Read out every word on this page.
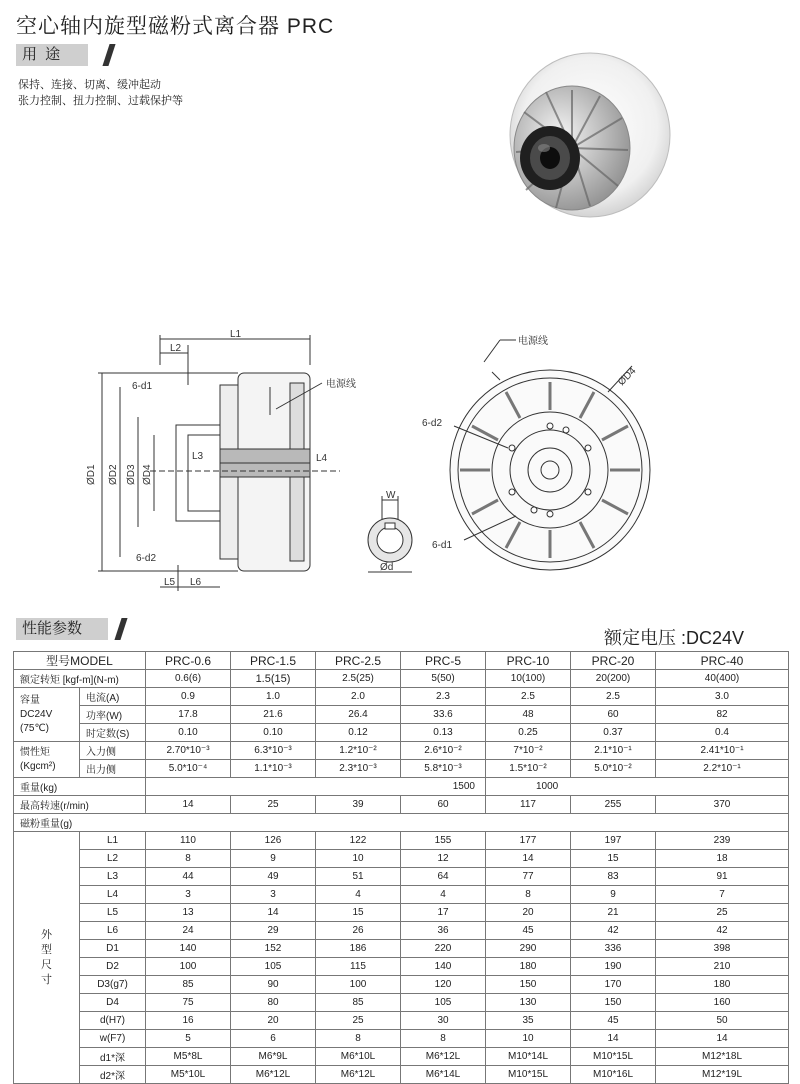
空心轴内旋型磁粉式离合器 PRC
用 途
保持、连接、切离、缓冲起动
张力控制、扭力控制、过载保护等
L1
L2
L3	L4
L5 L6
ØD1 ØD2 ØD3 ØD4
6-d1
6-d2
电源线
电源线
ØD4
6-d2
6-d1
W
Ød
性能参数	额定电压 :DC24V
型号MODEL		PRC-0.6	PRC-1.5	PRC-2.5	PRC-5	PRC-10	PRC-20	PRC-40
额定转矩 [kgf-m](N-m)		0.6(6)	1.5(15)	2.5(25)	5(50)	10(100)	20(200)	40(400)

容量
DC24V
(75℃)	电流(A)	0.9	1.0	2.0	2.3	2.5	2.5	3.0
	功率(W)	17.8	21.6	26.4	33.6	48	60	82
	时定数(S)	0.10	0.10	0.12	0.13	0.25	0.37	0.4

惯性矩
(Kgcm²)	入力侧	2.70*10⁻³	6.3*10⁻³	1.2*10⁻²	2.6*10⁻²	7*10⁻²	2.1*10⁻¹	2.41*10⁻¹
	出力侧	5.0*10⁻⁴	1.1*10⁻³	2.3*10⁻³	5.8*10⁻³	1.5*10⁻²	5.0*10⁻²	2.2*10⁻¹
重量(kg)		1500				1000		
最高转速(r/min)		14	25	39	60	117	255	370
磁粉重量(g)								
外型尺寸	L1	110	126	122	155	177	197	239
	L2	8	9	10	12	14	15	18
	L3	44	49	51	64	77	83	91
	L4	3	3	4	4	8	9	7
	L5	13	14	15	17	20	21	25
	L6	24	29	26	36	45	42	42
	D1	140	152	186	220	290	336	398
	D2	100	105	115	140	180	190	210
	D3(g7)	85	90	100	120	150	170	180
	D4	75	80	85	105	130	150	160
	d(H7)	16	20	25	30	35	45	50
	w(F7)	5	6	8	8	10	14	14
	d1*深	M5*8L	M6*9L	M6*10L	M6*12L	M10*14L	M10*15L	M12*18L
	d2*深	M5*10L	M6*12L	M6*12L	M6*14L	M10*15L	M10*16L	M12*19L
